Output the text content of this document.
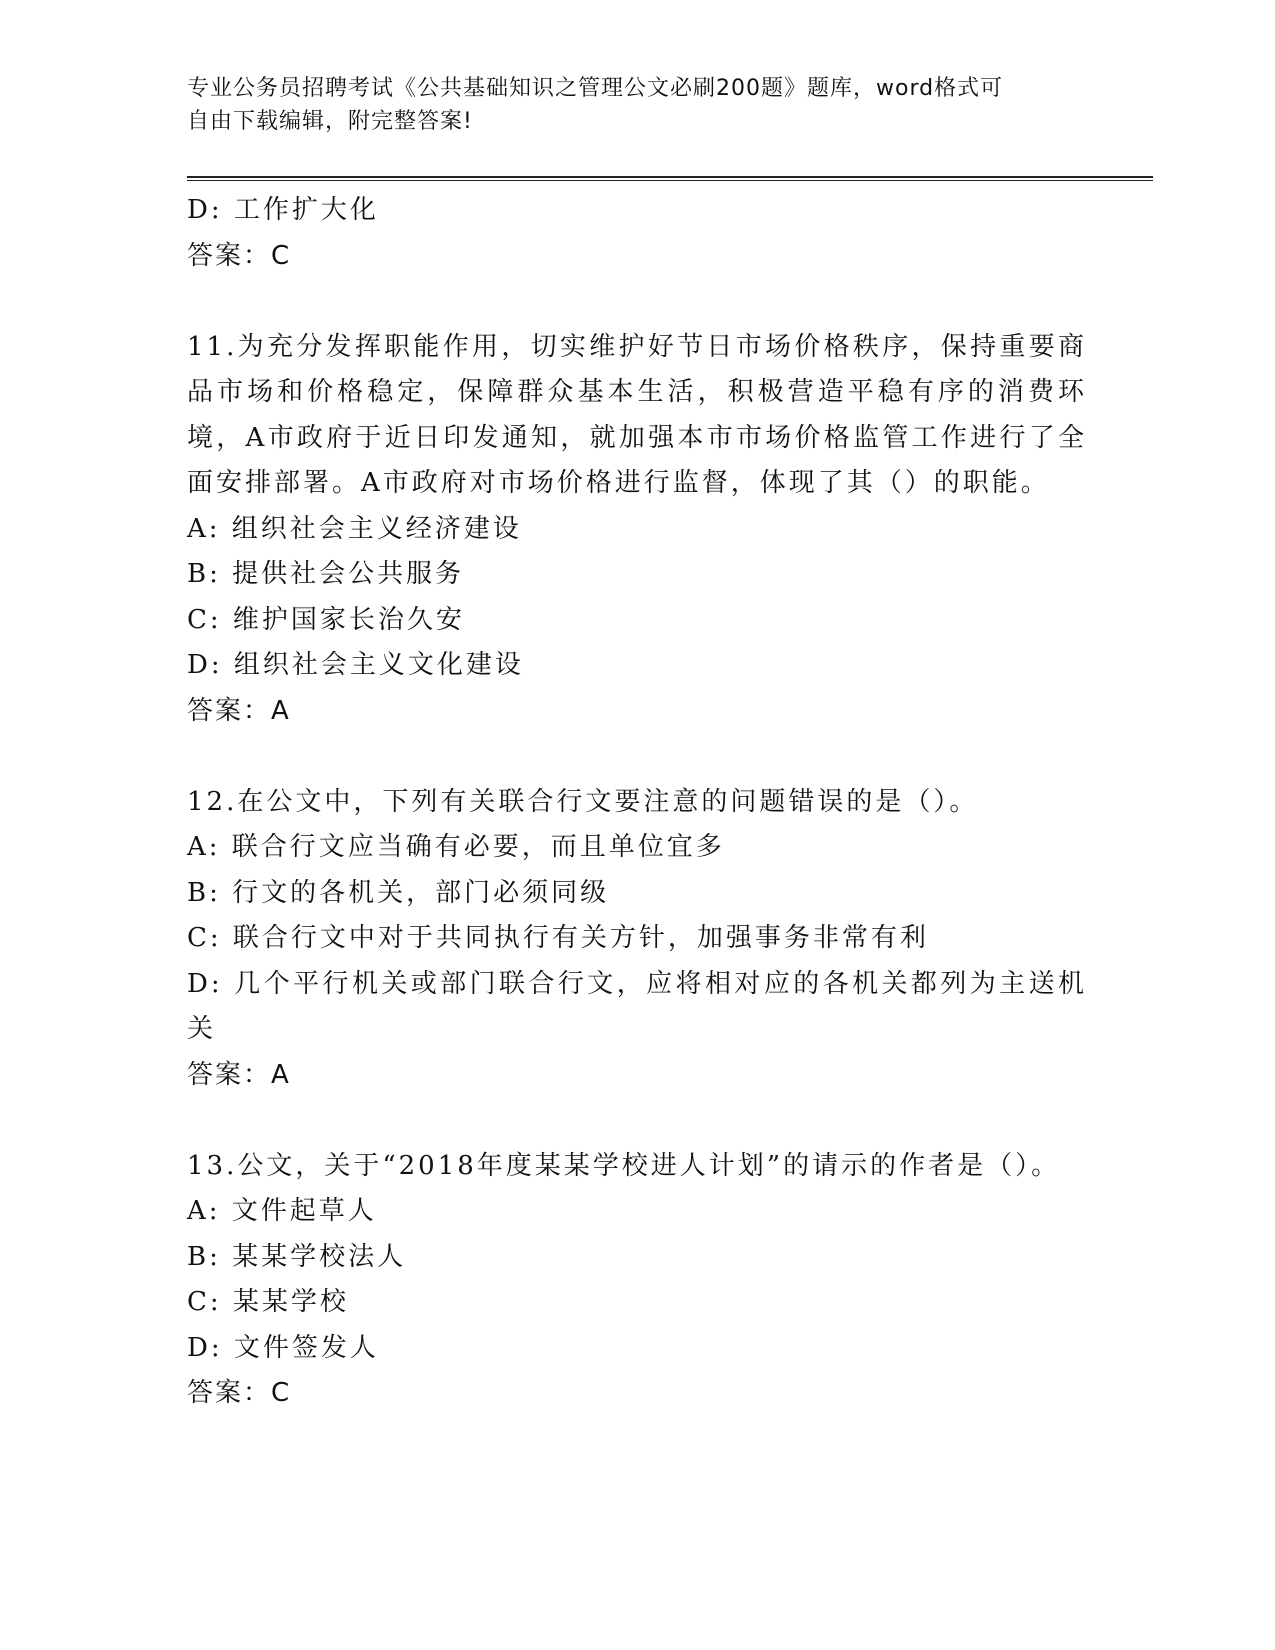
专业公务员招聘考试《公共基础知识之管理公文必刷200题》题库，word格式可
自由下载编辑，附完整答案!
D: 工作扩大化
答案：C
11.为充分发挥职能作用，切实维护好节日市场价格秩序，保持重要商品市场和价格稳定，保障群众基本生活，积极营造平稳有序的消费环境，A市政府于近日印发通知，就加强本市市场价格监管工作进行了全面安排部署。A市政府对市场价格进行监督，体现了其（）的职能。
A: 组织社会主义经济建设
B: 提供社会公共服务
C: 维护国家长治久安
D: 组织社会主义文化建设
答案：A
12.在公文中，下列有关联合行文要注意的问题错误的是（）。
A: 联合行文应当确有必要，而且单位宜多
B: 行文的各机关，部门必须同级
C: 联合行文中对于共同执行有关方针，加强事务非常有利
D: 几个平行机关或部门联合行文，应将相对应的各机关都列为主送机关
答案：A
13.公文，关于“2018年度某某学校进人计划”的请示的作者是（）。
A: 文件起草人
B: 某某学校法人
C: 某某学校
D: 文件签发人
答案：C
